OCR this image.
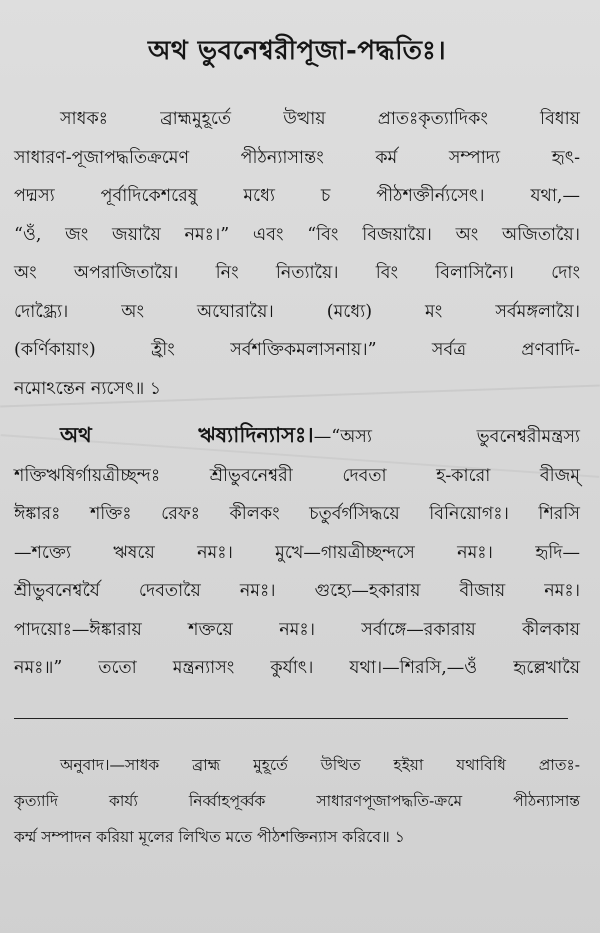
অথ ভুবনেশ্বরীপূজা-পদ্ধতিঃ।
সাধকঃ ব্রাহ্মমুহূর্তে উত্থায় প্রাতঃকৃত্যাদিকং বিধায়
সাধারণ-পূজাপদ্ধতিক্রমেণ পীঠন্যাসান্তং কর্ম সম্পাদ্য হৃৎ-
পদ্মস্য পূর্বাদিকেশরেষু মধ্যে চ পীঠশক্তীর্ন্যসেৎ। যথা,—
“ওঁ, জং জয়ায়ৈ নমঃ।” এবং “বিং বিজয়ায়ৈ। অং অজিতায়ৈ।
অং অপরাজিতায়ৈ। নিং নিত্যায়ৈ। বিং বিলাসিন্যৈ। দোং
দোগ্ধ্র্যৈ। অং অঘোরায়ৈ। (মধ্যে) মং সর্বমঙ্গলায়ৈ।
(কর্ণিকায়াং) হ্রীং সর্বশক্তিকমলাসনায়।” সর্বত্র প্রণবাদি-
নমোঽন্তেন ন্যসেৎ॥ ১
অথ ঋষ্যাদিন্যাসঃ।—“অস্য ভুবনেশ্বরীমন্ত্রস্য
শক্তিঋষির্গায়ত্রীচ্ছন্দঃ শ্রীভুবনেশ্বরী দেবতা হ-কারো বীজম্
ঈঙ্কারঃ শক্তিঃ রেফঃ কীলকং চতুর্বর্গসিদ্ধয়ে বিনিয়োগঃ। শিরসি
—শক্ত্যে ঋষয়ে নমঃ। মুখে—গায়ত্রীচ্ছন্দসে নমঃ। হৃদি—
শ্রীভুবনেশ্বর্যৈ দেবতায়ৈ নমঃ। গুহ্যে—হকারায় বীজায় নমঃ।
পাদয়োঃ—ঈঙ্কারায় শক্তয়ে নমঃ। সর্বাঙ্গে—রকারায় কীলকায়
নমঃ॥” ততো মন্ত্রন্যাসং কুর্যাৎ। যথা।—শিরসি,—ওঁ হৃল্লেখায়ৈ
অনুবাদ।—সাধক ব্রাহ্ম মুহূর্তে উত্থিত হইয়া যথাবিধি প্রাতঃ-
কৃত্যাদি কার্য্য নির্ব্বাহপূর্ব্বক সাধারণপূজাপদ্ধতি-ক্রমে পীঠন্যাসান্ত
কর্ম্ম সম্পাদন করিয়া মূলের লিখিত মতে পীঠশক্তিন্যাস করিবে॥ ১
